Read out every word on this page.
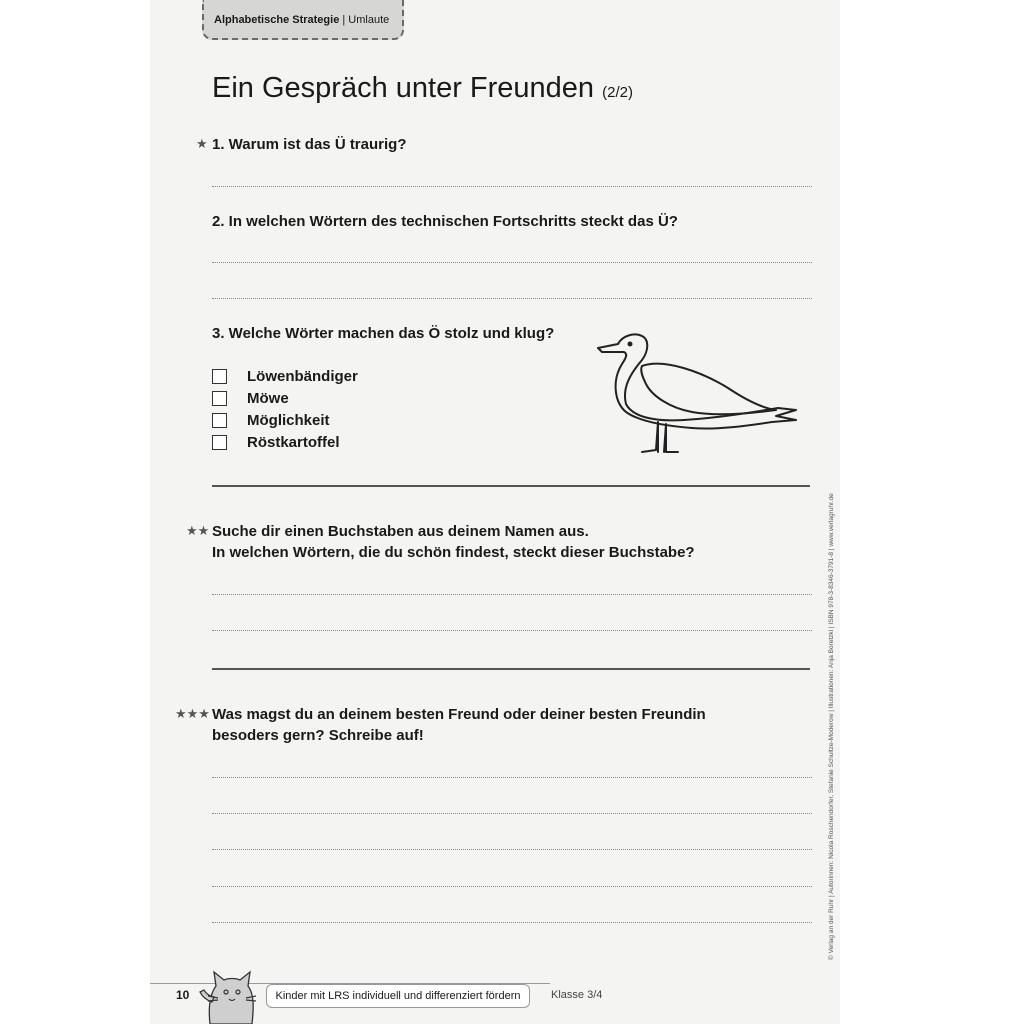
Alphabetische Strategie | Umlaute
Ein Gespräch unter Freunden (2/2)
★ 1. Warum ist das Ü traurig?
2. In welchen Wörtern des technischen Fortschritts steckt das Ü?
3. Welche Wörter machen das Ö stolz und klug?
Löwenbändiger
Möwe
Möglichkeit
Röstkartoffel
★★ Suche dir einen Buchstaben aus deinem Namen aus.
In welchen Wörtern, die du schön findest, steckt dieser Buchstabe?
★★★ Was magst du an deinem besten Freund oder deiner besten Freundin
besoders gern? Schreibe auf!	© Verlag an der Ruhr | Autorinnen: Nicola Roschendorfer, Stefanie Schultze-Moderow | Illustrationen: Anja Boretzki | ISBN 978-3-8346-3791-8 | www.verlagruhr.de
10	Kinder mit LRS individuell und differenziert fördern	Klasse 3/4
